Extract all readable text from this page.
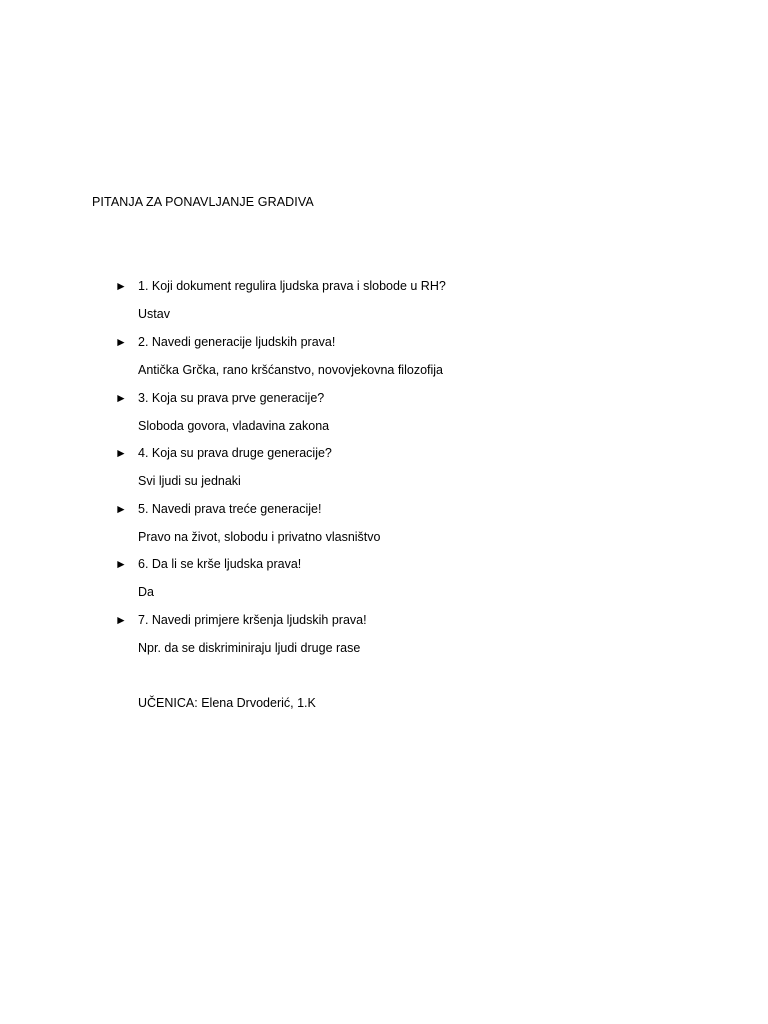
PITANJA ZA PONAVLJANJE GRADIVA
► 1. Koji dokument regulira ljudska prava i slobode u RH?
Ustav
► 2. Navedi generacije ljudskih prava!
Antička Grčka, rano kršćanstvo, novovjekovna filozofija
► 3. Koja su prava prve generacije?
Sloboda govora, vladavina zakona
► 4. Koja su prava druge generacije?
Svi ljudi su jednaki
► 5. Navedi prava treće generacije!
Pravo na život, slobodu i privatno vlasništvo
► 6. Da li se krše ljudska prava!
Da
► 7. Navedi primjere kršenja ljudskih prava!
Npr. da se diskriminiraju ljudi druge rase
UČENICA: Elena Drvoderić, 1.K
